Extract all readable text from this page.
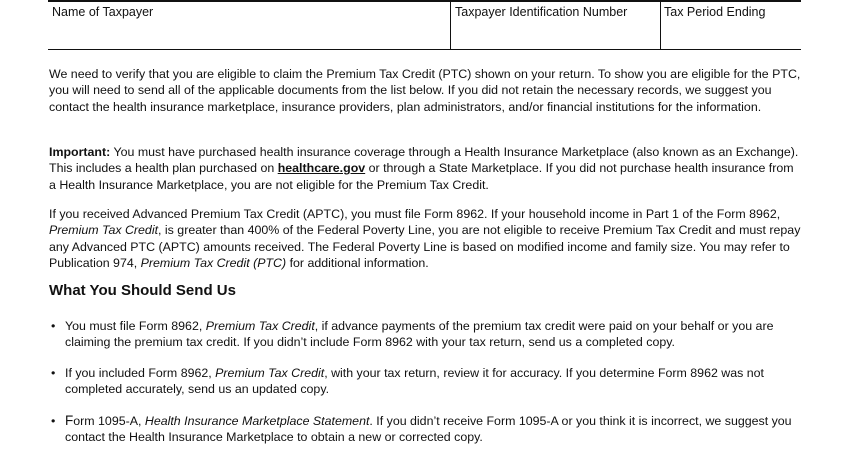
Name of Taxpayer	Taxpayer Identification Number	Tax Period Ending

We need to verify that you are eligible to claim the Premium Tax Credit (PTC) shown on your return. To show you are eligible for the PTC, you will need to send all of the applicable documents from the list below. If you did not retain the necessary records, we suggest you contact the health insurance marketplace, insurance providers, plan administrators, and/or financial institutions for the information.

Important: You must have purchased health insurance coverage through a Health Insurance Marketplace (also known as an Exchange). This includes a health plan purchased on healthcare.gov or through a State Marketplace. If you did not purchase health insurance from a Health Insurance Marketplace, you are not eligible for the Premium Tax Credit.

If you received Advanced Premium Tax Credit (APTC), you must file Form 8962. If your household income in Part 1 of the Form 8962, Premium Tax Credit, is greater than 400% of the Federal Poverty Line, you are not eligible to receive Premium Tax Credit and must repay any Advanced PTC (APTC) amounts received. The Federal Poverty Line is based on modified income and family size. You may refer to Publication 974, Premium Tax Credit (PTC) for additional information.

What You Should Send Us
• You must file Form 8962, Premium Tax Credit, if advance payments of the premium tax credit were paid on your behalf or you are claiming the premium tax credit. If you didn’t include Form 8962 with your tax return, send us a completed copy.
• If you included Form 8962, Premium Tax Credit, with your tax return, review it for accuracy. If you determine Form 8962 was not completed accurately, send us an updated copy.
• Form 1095-A, Health Insurance Marketplace Statement. If you didn’t receive Form 1095-A or you think it is incorrect, we suggest you contact the Health Insurance Marketplace to obtain a new or corrected copy.
